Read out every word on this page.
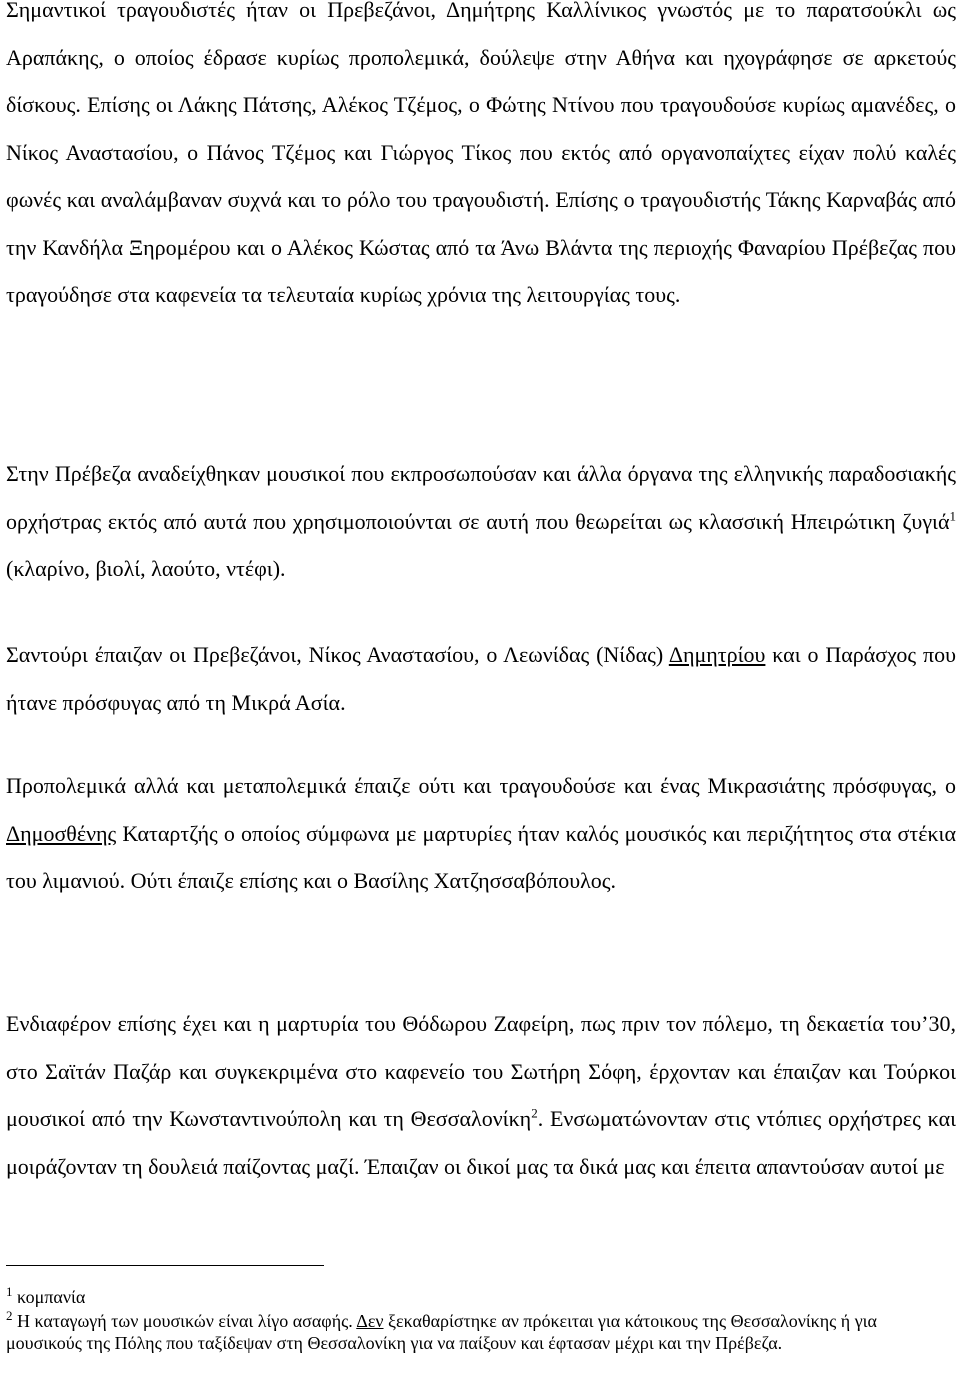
Σημαντικοί τραγουδιστές ήταν οι Πρεβεζάνοι, Δημήτρης Καλλίνικος γνωστός με το παρατσούκλι ως Αραπάκης, ο οποίος έδρασε κυρίως προπολεμικά, δούλεψε στην Αθήνα και ηχογράφησε σε αρκετούς δίσκους. Επίσης οι Λάκης Πάτσης, Αλέκος Τζέμος, ο Φώτης Ντίνου που τραγουδούσε κυρίως αμανέδες, ο Νίκος Αναστασίου, ο Πάνος Τζέμος και Γιώργος Τίκος που εκτός από οργανοπαίχτες είχαν πολύ καλές φωνές και αναλάμβαναν συχνά και το ρόλο του τραγουδιστή. Επίσης ο τραγουδιστής Τάκης Καρναβάς από την Κανδήλα Ξηρομέρου και ο Αλέκος Κώστας από τα Άνω Βλάντα της περιοχής Φαναρίου Πρέβεζας που τραγούδησε στα καφενεία τα τελευταία κυρίως χρόνια της λειτουργίας τους.

Στην Πρέβεζα αναδείχθηκαν μουσικοί που εκπροσωπούσαν και άλλα όργανα της ελληνικής παραδοσιακής ορχήστρας εκτός από αυτά που χρησιμοποιούνται σε αυτή που θεωρείται ως κλασσική Ηπειρώτικη ζυγιά$^1$ (κλαρίνο, βιολί, λαούτο, ντέφι).

Σαντούρι έπαιζαν οι Πρεβεζάνοι, Νίκος Αναστασίου, ο Λεωνίδας (Νίδας) Δημητρίου και ο Παράσχος που ήτανε πρόσφυγας από τη Μικρά Ασία.

Προπολεμικά αλλά και μεταπολεμικά έπαιζε ούτι και τραγουδούσε και ένας Μικρασιάτης πρόσφυγας, ο Δημοσθένης Καταρτζής ο οποίος σύμφωνα με μαρτυρίες ήταν καλός μουσικός και περιζήτητος στα στέκια του λιμανιού. Ούτι έπαιζε επίσης και ο Βασίλης Χατζησσαβόπουλος.

Ενδιαφέρον επίσης έχει και η μαρτυρία του Θόδωρου Ζαφείρη, πως πριν τον πόλεμο, τη δεκαετία του’30, στο Σαϊτάν Παζάρ και συγκεκριμένα στο καφενείο του Σωτήρη Σόφη, έρχονταν και έπαιζαν και Τούρκοι μουσικοί από την Κωνσταντινούπολη και τη Θεσσαλονίκη$^2$. Ενσωματώνονταν στις ντόπιες ορχήστρες και μοιράζονταν τη δουλειά παίζοντας μαζί. Έπαιζαν οι δικοί μας τα δικά μας και έπειτα απαντούσαν αυτοί με

$^1$ κομπανία

$^2$ Η καταγωγή των μουσικών είναι λίγο ασαφής. Δεν ξεκαθαρίστηκε αν πρόκειται για κάτοικους της Θεσσαλονίκης ή για μουσικούς της Πόλης που ταξίδεψαν στη Θεσσαλονίκη για να παίξουν και έφτασαν μέχρι και την Πρέβεζα.
